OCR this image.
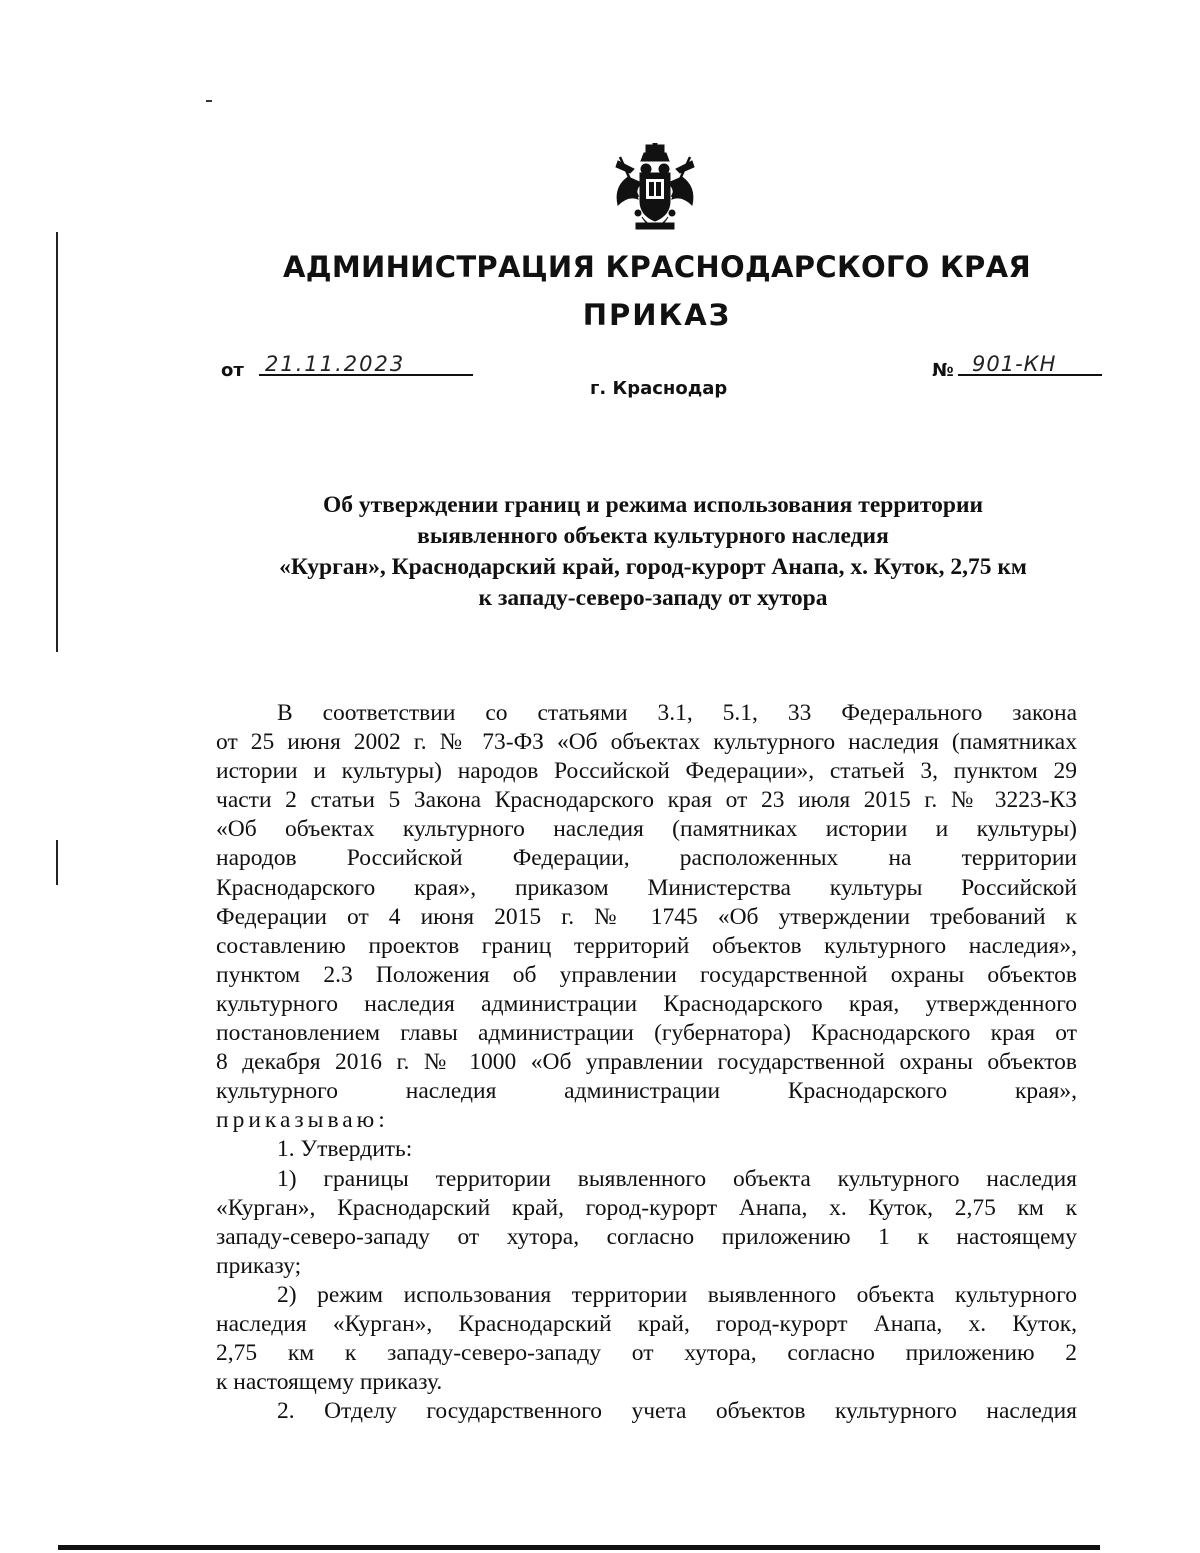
АДМИНИСТРАЦИЯ КРАСНОДАРСКОГО КРАЯ
ПРИКАЗ
от 21.11.2023	№ 901-КН
г. Краснодар
Об утверждении границ и режима использования территории
выявленного объекта культурного наследия
«Курган», Краснодарский край, город-курорт Анапа, х. Куток, 2,75 км
к западу-северо-западу от хутора
В соответствии со статьями 3.1, 5.1, 33 Федерального закона
от 25 июня 2002 г. № 73-ФЗ «Об объектах культурного наследия (памятниках
истории и культуры) народов Российской Федерации», статьей 3, пунктом 29
части 2 статьи 5 Закона Краснодарского края от 23 июля 2015 г. № 3223-КЗ
«Об объектах культурного наследия (памятниках истории и культуры)
народов Российской Федерации, расположенных на территории
Краснодарского края», приказом Министерства культуры Российской
Федерации от 4 июня 2015 г. № 1745 «Об утверждении требований к
составлению проектов границ территорий объектов культурного наследия»,
пунктом 2.3 Положения об управлении государственной охраны объектов
культурного наследия администрации Краснодарского края, утвержденного
постановлением главы администрации (губернатора) Краснодарского края от
8 декабря 2016 г. № 1000 «Об управлении государственной охраны объектов
культурного наследия администрации Краснодарского края»,
приказываю:
1. Утвердить:
1) границы территории выявленного объекта культурного наследия
«Курган», Краснодарский край, город-курорт Анапа, х. Куток, 2,75 км к
западу-северо-западу от хутора, согласно приложению 1 к настоящему
приказу;
2) режим использования территории выявленного объекта культурного
наследия «Курган», Краснодарский край, город-курорт Анапа, х. Куток,
2,75 км к западу-северо-западу от хутора, согласно приложению 2
к настоящему приказу.
2. Отделу государственного учета объектов культурного наследия
